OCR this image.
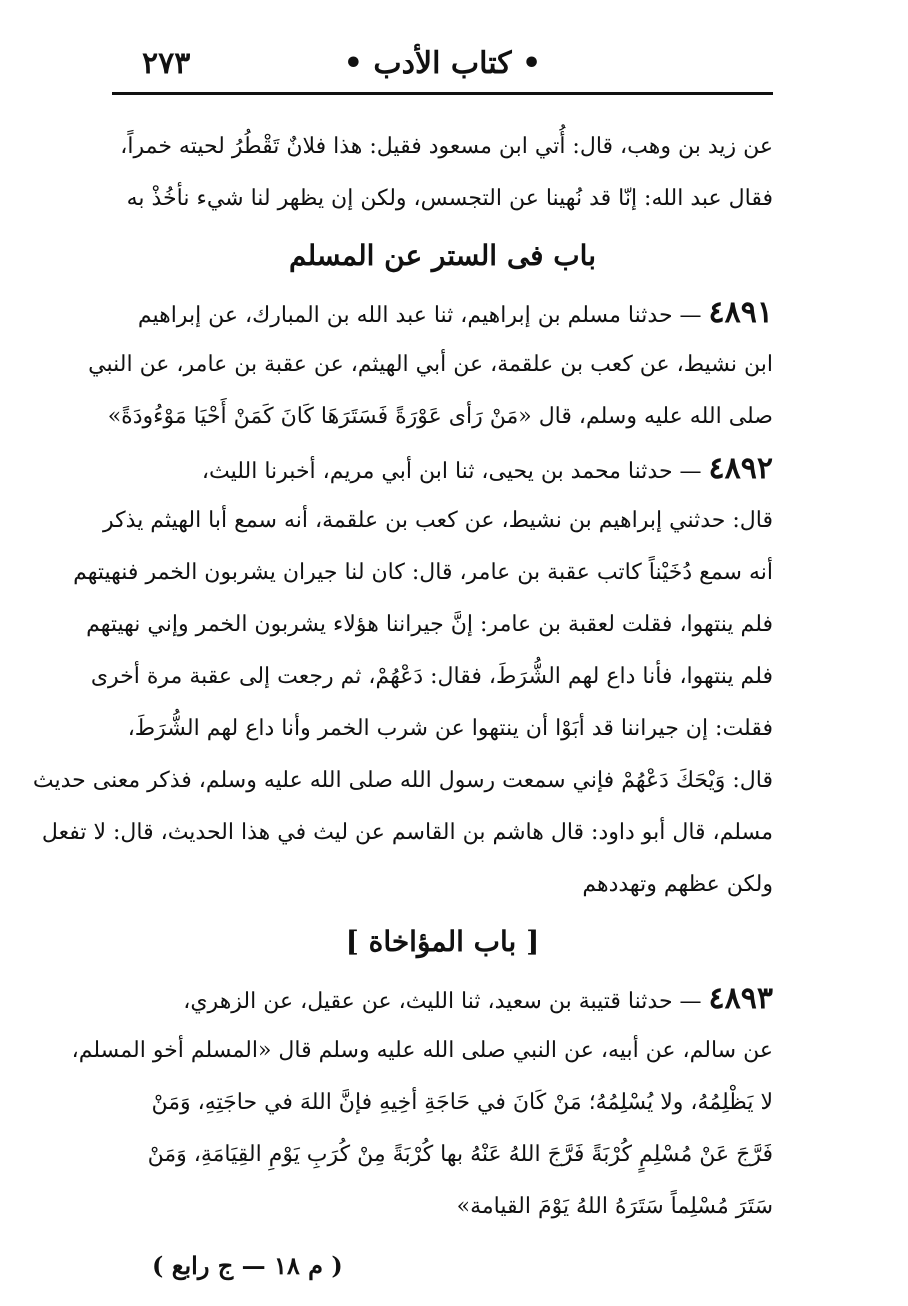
• كتاب الأدب •
٢٧٣
عن زيد بن وهب، قال: أُتي ابن مسعود فقيل: هذا فلانٌ تَقْطُرُ لحيته خمراً،
فقال عبد الله: إنّا قد نُهينا عن التجسس، ولكن إن يظهر لنا شيء نأخُذْ به
باب فى الستر عن المسلم
٤٨٩١ — حدثنا مسلم بن إبراهيم، ثنا عبد الله بن المبارك، عن إبراهيم
ابن نشيط، عن كعب بن علقمة، عن أبي الهيثم، عن عقبة بن عامر، عن النبي
صلى الله عليه وسلم، قال «مَنْ رَأى عَوْرَةً فَسَتَرَهَا كَانَ كَمَنْ أَحْيَا مَوْءُودَةً»
٤٨٩٢ — حدثنا محمد بن يحيى، ثنا ابن أبي مريم، أخبرنا الليث،
قال: حدثني إبراهيم بن نشيط، عن كعب بن علقمة، أنه سمع أبا الهيثم يذكر
أنه سمع دُخَيْناً كاتب عقبة بن عامر، قال: كان لنا جيران يشربون الخمر فنهيتهم
فلم ينتهوا، فقلت لعقبة بن عامر: إنَّ جيراننا هؤلاء يشربون الخمر وإني نهيتهم
فلم ينتهوا، فأنا داع لهم الشُّرَطَ، فقال: دَعْهُمْ، ثم رجعت إلى عقبة مرة أخرى
فقلت: إن جيراننا قد أبَوْا أن ينتهوا عن شرب الخمر وأنا داع لهم الشُّرَطَ،
قال: وَيْحَكَ دَعْهُمْ فإني سمعت رسول الله صلى الله عليه وسلم، فذكر معنى حديث
مسلم، قال أبو داود: قال هاشم بن القاسم عن ليث في هذا الحديث، قال: لا تفعل
ولكن عظهم وتهددهم
[ باب المؤاخاة ]
٤٨٩٣ — حدثنا قتيبة بن سعيد، ثنا الليث، عن عقيل، عن الزهري،
عن سالم، عن أبيه، عن النبي صلى الله عليه وسلم قال «المسلم أخو المسلم،
لا يَظْلِمُهُ، ولا يُسْلِمُهُ؛ مَنْ كَانَ في حَاجَةِ أخِيهِ فإنَّ اللهَ في حاجَتِهِ، وَمَنْ
فَرَّجَ عَنْ مُسْلِمٍ كُرْبَةً فَرَّجَ اللهُ عَنْهُ بها كُرْبَةً مِنْ كُرَبِ يَوْمِ القِيَامَةِ، وَمَنْ
سَتَرَ مُسْلِماً سَتَرَهُ اللهُ يَوْمَ القيامة»
( م ١٨ — ج رابع )
